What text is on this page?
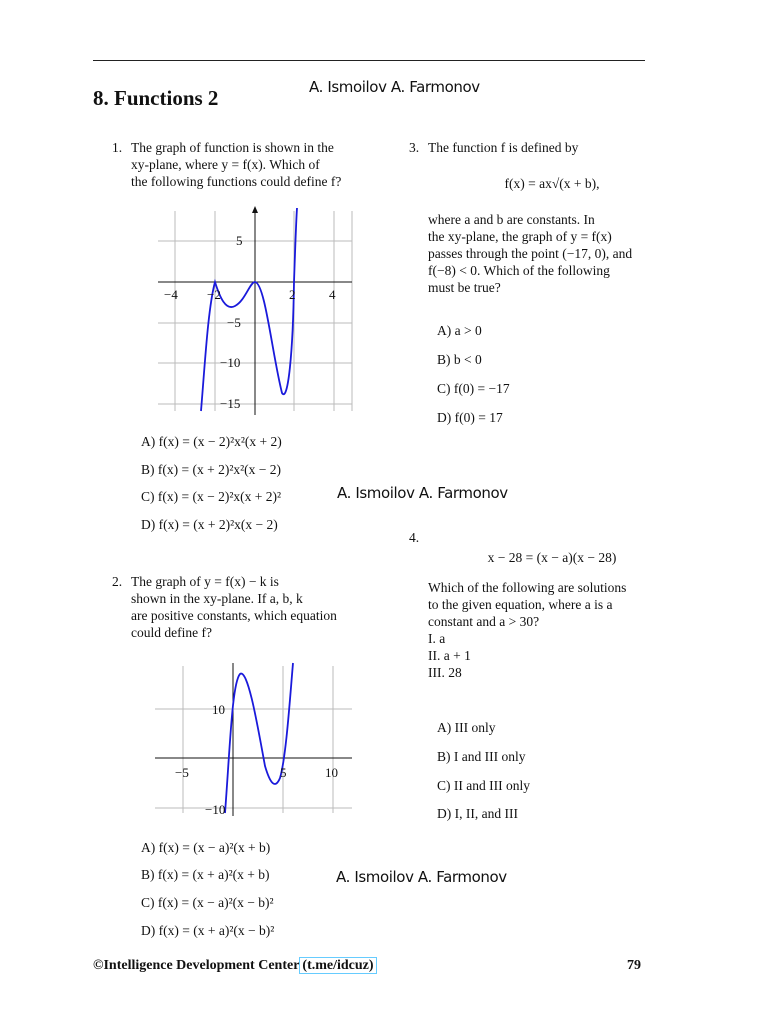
8. Functions 2	A. Ismoilov A. Farmonov
1. The graph of function is shown in the
xy-plane, where y = f(x). Which of
the following functions could define f?
−4 −2	2	4
5
−5
−10
−15
A) f(x) = (x − 2)²x²(x + 2)
B) f(x) = (x + 2)²x²(x − 2)
C) f(x) = (x − 2)²x(x + 2)²
D) f(x) = (x + 2)²x(x − 2)
A. Ismoilov A. Farmonov
2. The graph of y = f(x) − k is
shown in the xy-plane. If a, b, k
are positive constants, which equation
could define f?
−5	5	10
10
−10
A) f(x) = (x − a)²(x + b)
B) f(x) = (x + a)²(x + b)
C) f(x) = (x − a)²(x − b)²
D) f(x) = (x + a)²(x − b)²
A. Ismoilov A. Farmonov
3. The function f is defined by
f(x) = ax√(x + b),
where a and b are constants. In
the xy-plane, the graph of y = f(x)
passes through the point (−17, 0), and
f(−8) < 0. Which of the following
must be true?
A) a > 0
B) b < 0
C) f(0) = −17
D) f(0) = 17
4.
x − 28 = (x − a)(x − 28)
Which of the following are solutions
to the given equation, where a is a
constant and a > 30?
I. a
II. a + 1
III. 28
A) III only
B) I and III only
C) II and III only
D) I, II, and III
©Intelligence Development Center (t.me/idcuz)	79
